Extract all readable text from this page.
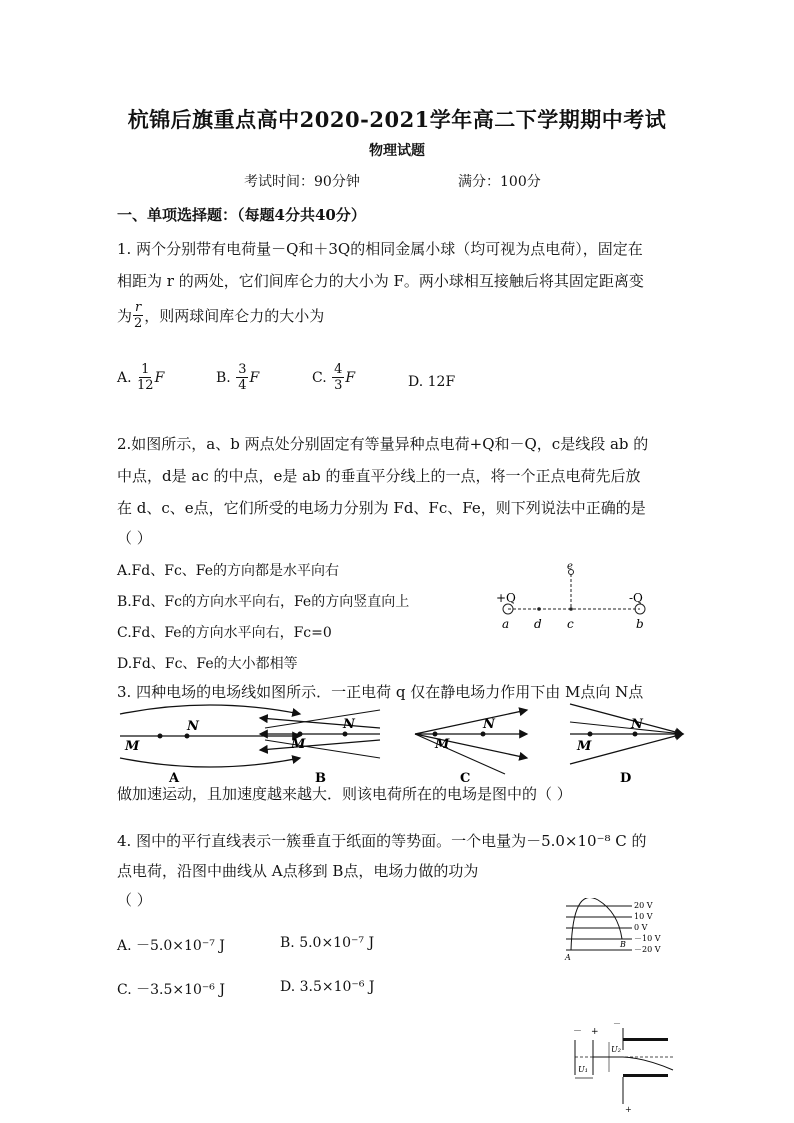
杭锦后旗重点高中2020-2021学年高二下学期期中考试
物理试题
考试时间：90分钟	满分：100分
一、单项选择题：（每题4分共40分）
1. 两个分别带有电荷量－Q和＋3Q的相同金属小球（均可视为点电荷），固定在
相距为 r 的两处，它们间库仑力的大小为 F。两小球相互接触后将其固定距离变
为 $\frac{r}{2}$ ，则两球间库仑力的大小为
A.
$\frac{1}{12}$ F	B.
$\frac{3}{4}$ F	C.
$\frac{4}{3}$ F	D.
12F
2.如图所示，a、b 两点处分别固定有等量异种点电荷+Q和－Q，c是线段 ab 的
中点，d是 ac 的中点，e是 ab 的垂直平分线上的一点，将一个正点电荷先后放
在 d、c、e点，它们所受的电场力分别为 Fd、Fc、Fe，则下列说法中正确的是
（ ）
A.Fd、Fc、Fe的方向都是水平向右
B.Fd、Fc的方向水平向右，Fe的方向竖直向上
C.Fd、Fe的方向水平向右，Fc=0
D.Fd、Fc、Fe的大小都相等
+Q	-Q
a d c	b
e
3. 四种电场的电场线如图所示．一正电荷 q 仅在静电场力作用下由 M点向 N点
M
N
A
M
N
B
M
N
C
M
N
D
做加速运动，且加速度越来越大．则该电荷所在的电场是图中的（ ）
4. 图中的平行直线表示一簇垂直于纸面的等势面。一个电量为－5.0×10⁻⁸ C 的
点电荷，沿图中曲线从 A点移到 B点，电场力做的功为
（ ）
A. －5.0×10⁻⁷ J	B. 5.0×10⁻⁷ J
C. －3.5×10⁻⁶ J	D. 3.5×10⁻⁶ J
20 V
10 V
0 V
－10 V
－20 V
A
B
－ +
U₂
U₁
－
+
